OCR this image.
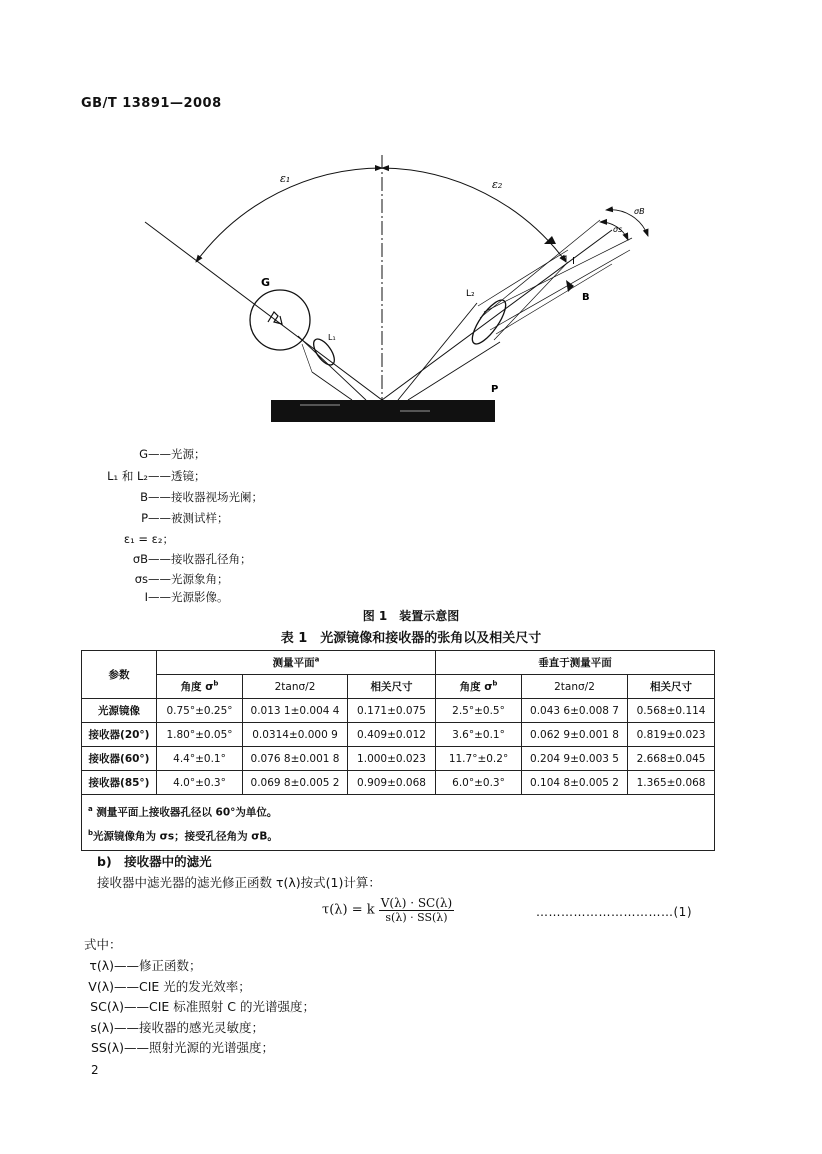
GB/T 13891—2008
ε₁	ε₂
G
L₁
L₂	B
P
I
σB
σs
G——光源；
L₁ 和 L₂——透镜；
B——接收器视场光阑；
P——被测试样；
ε₁ = ε₂；
σB——接收器孔径角；
σs——光源象角；
I——光源影像。
图 1　装置示意图
表 1　光源镜像和接收器的张角以及相关尺寸
参数	测量平面$^a$			垂直于测量平面		
	角度 $\sigma^b$	2tanσ/2	相关尺寸	角度 $\sigma^b$	2tanσ/2	相关尺寸
光源镜像	0.75°±0.25°	0.013 1±0.004 4	0.171±0.075	2.5°±0.5°	0.043 6±0.008 7	0.568±0.114
接收器(20°)	1.80°±0.05°	0.0314±0.000 9	0.409±0.012	3.6°±0.1°	0.062 9±0.001 8	0.819±0.023
接收器(60°)	4.4°±0.1°	0.076 8±0.001 8	1.000±0.023	11.7°±0.2°	0.204 9±0.003 5	2.668±0.045
接收器(85°)	4.0°±0.3°	0.069 8±0.005 2	0.909±0.068	6.0°±0.3°	0.104 8±0.005 2	1.365±0.068

$^a$ 测量平面上接收器孔径以 60°为单位。
$^b$光源镜像角为 σs；接受孔径角为 σB。						
b)　接收器中的滤光
接收器中滤光器的滤光修正函数 τ(λ)按式(1)计算：
τ(λ) = k $\frac{V(\lambda) \cdot SC(\lambda)}{s(\lambda) \cdot SS(\lambda)}$	……………………………(1)
式中：
τ(λ)——修正函数；
V(λ)——CIE 光的发光效率；
SC(λ)——CIE 标准照射 C 的光谱强度；
s(λ)——接收器的感光灵敏度；
SS(λ)——照射光源的光谱强度；
2
